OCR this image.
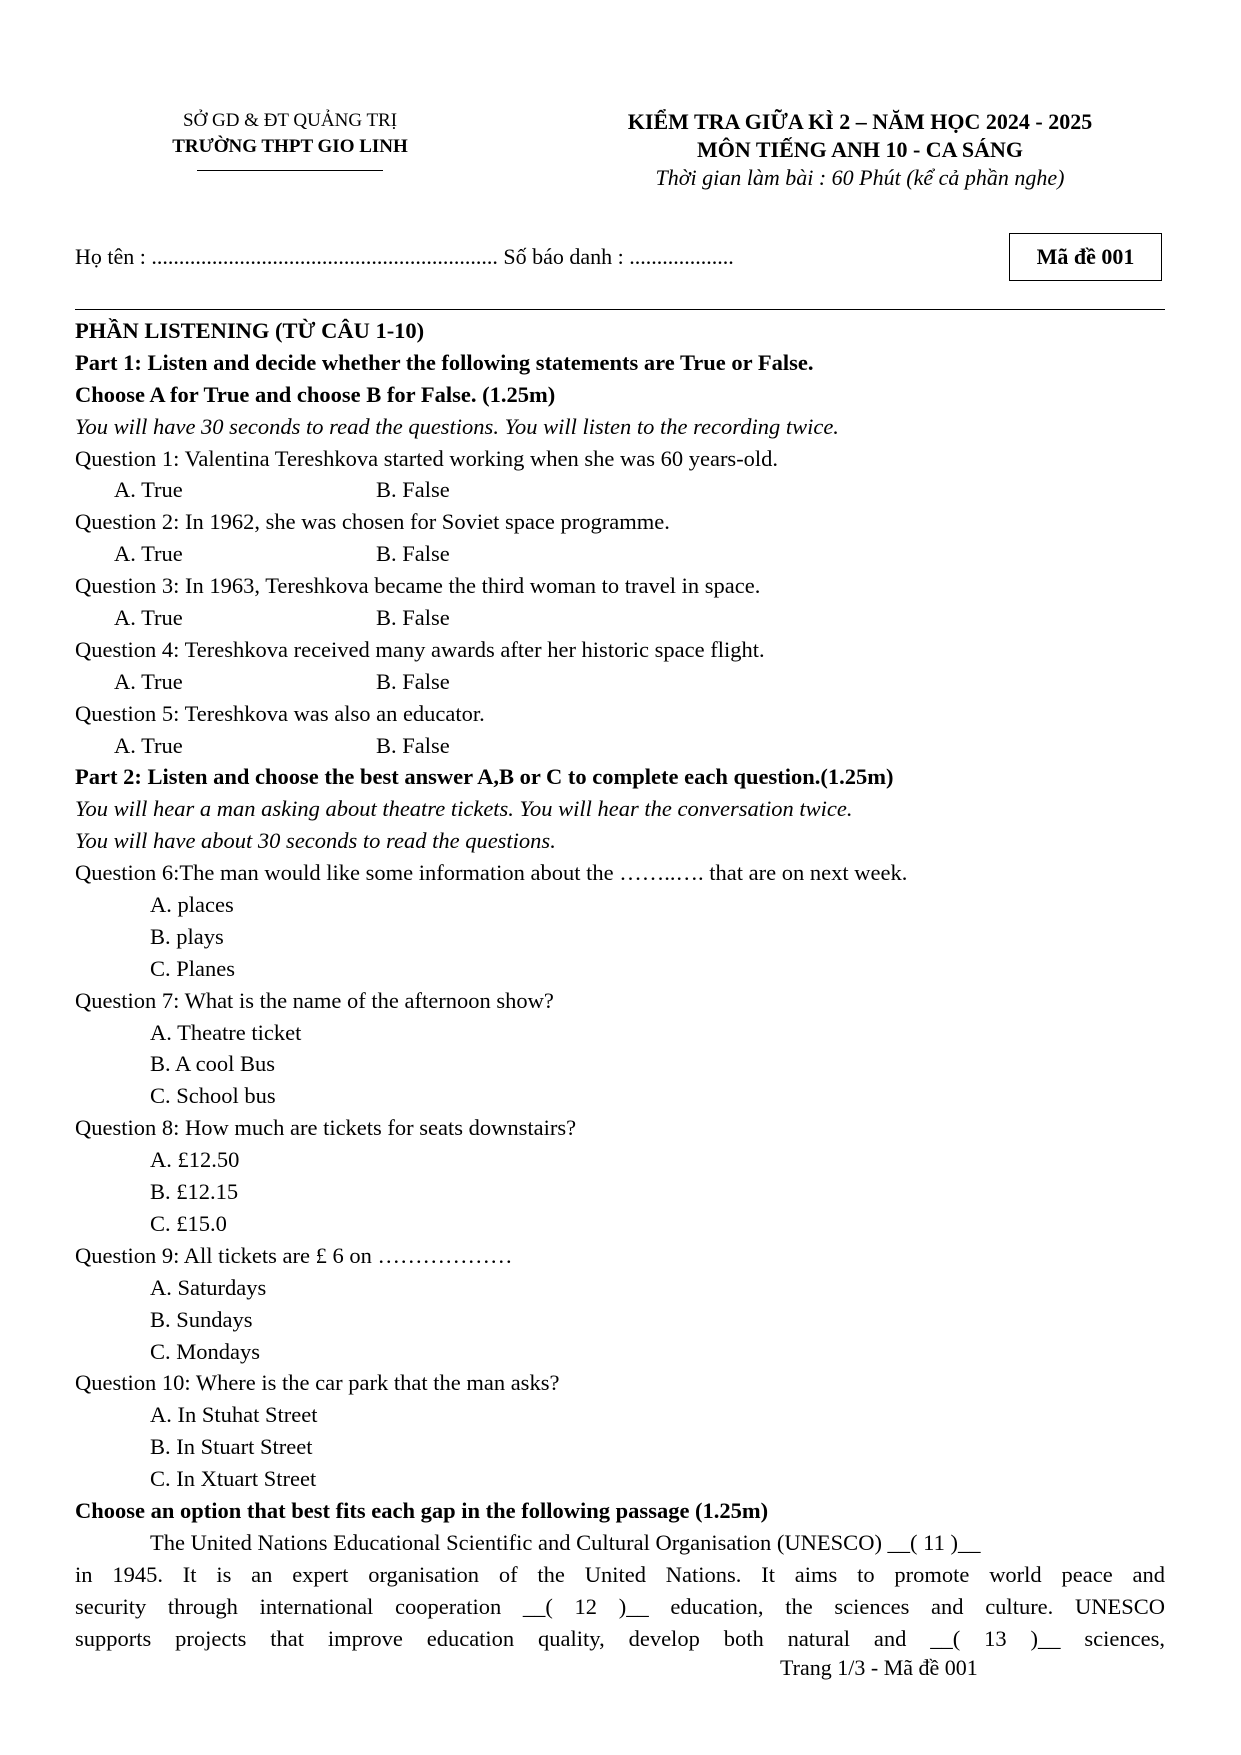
SỞ GD & ĐT QUẢNG TRỊ
TRƯỜNG THPT GIO LINH
KIỂM TRA GIỮA KÌ 2 – NĂM HỌC 2024 - 2025
MÔN TIẾNG ANH 10 - CA SÁNG
Thời gian làm bài : 60 Phút (kể cả phần nghe)
Họ tên : ............................................................... Số báo danh : ...................	Mã đề 001
PHẦN LISTENING (TỪ CÂU 1-10)
Part 1: Listen and decide whether the following statements are True or False.
Choose A for True and choose B for False. (1.25m)
You will have 30 seconds to read the questions. You will listen to the recording twice.
Question 1: Valentina Tereshkova started working when she was 60 years-old.
A. True	B. False
Question 2: In 1962, she was chosen for Soviet space programme.
A. True	B. False
Question 3: In 1963, Tereshkova became the third woman to travel in space.
A. True	B. False
Question 4: Tereshkova received many awards after her historic space flight.
A. True	B. False
Question 5: Tereshkova was also an educator.
A. True	B. False
Part 2: Listen and choose the best answer A,B or C to complete each question.(1.25m)
You will hear a man asking about theatre tickets. You will hear the conversation twice.
You will have about 30 seconds to read the questions.
Question 6:The man would like some information about the ……..…. that are on next week.
A. places
B. plays
C. Planes
Question 7: What is the name of the afternoon show?
A. Theatre ticket
B. A cool Bus
C. School bus
Question 8: How much are tickets for seats downstairs?
A. £12.50
B. £12.15
C. £15.0
Question 9: All tickets are £ 6 on ………………
A. Saturdays
B. Sundays
C. Mondays
Question 10: Where is the car park that the man asks?
A. In Stuhat Street
B. In Stuart Street
C. In Xtuart Street
Choose an option that best fits each gap in the following passage (1.25m)
The United Nations Educational Scientific and Cultural Organisation (UNESCO) __( 11 )__
in 1945. It is an expert organisation of the United Nations. It aims to promote world peace and
security through international cooperation __( 12 )__ education, the sciences and culture. UNESCO
supports projects that improve education quality, develop both natural and __( 13 )__ sciences,
Trang 1/3 - Mã đề 001
